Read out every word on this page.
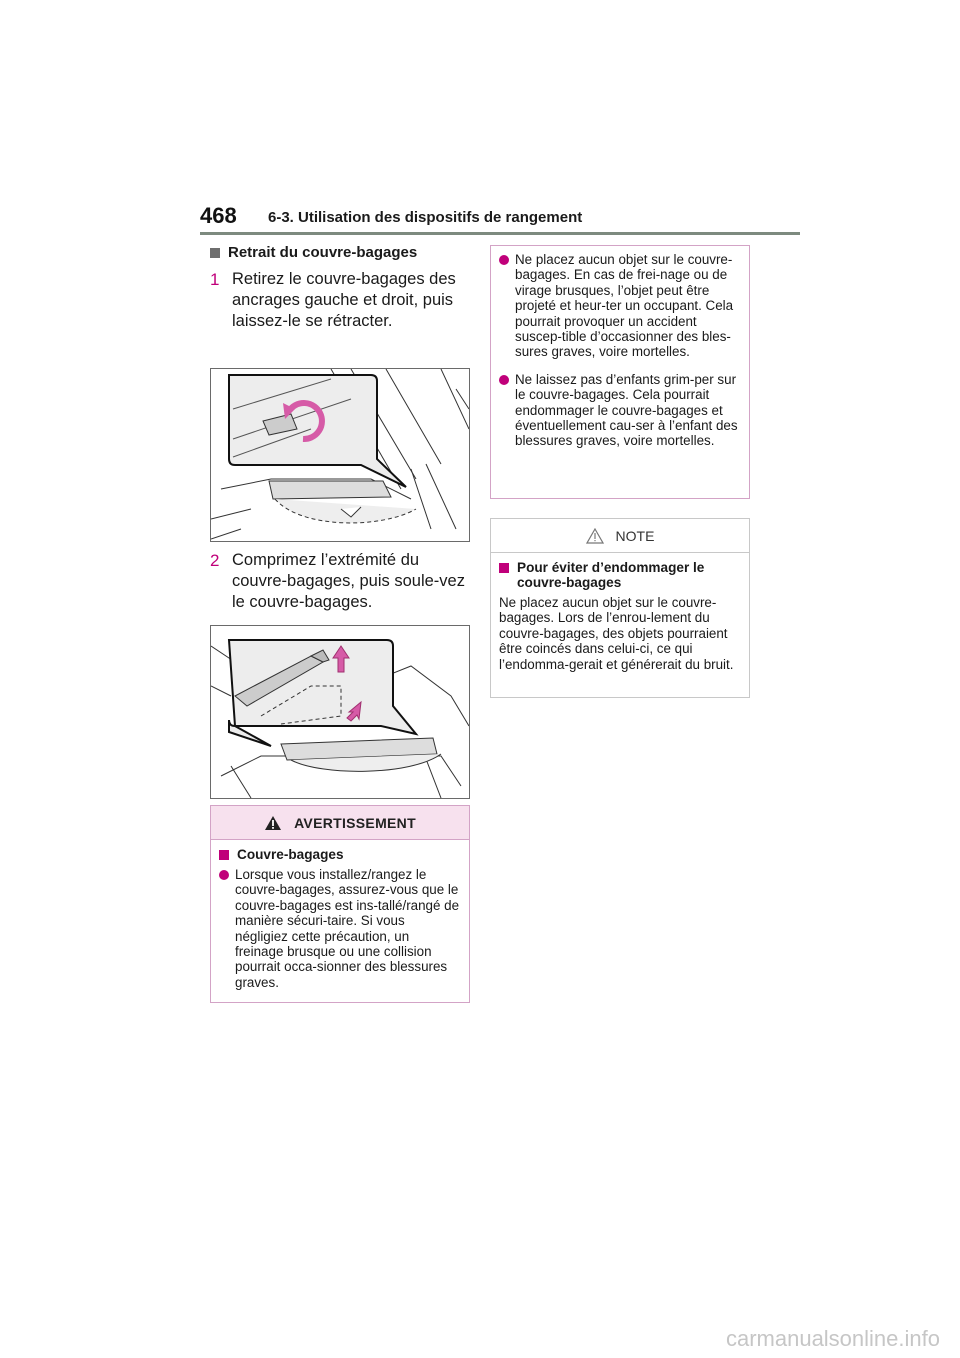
468 6-3. Utilisation des dispositifs de rangement
Retrait du couvre-bagages
1 Retirez le couvre-bagages des ancrages gauche et droit, puis laissez-le se rétracter.
2 Comprimez l’extrémité du couvre-bagages, puis soule-vez le couvre-bagages.
AVERTISSEMENT
Couvre-bagages
Lorsque vous installez/rangez le couvre-bagages, assurez-vous que le couvre-bagages est ins-tallé/rangé de manière sécuri-taire. Si vous négligiez cette précaution, un freinage brusque ou une collision pourrait occa-sionner des blessures graves.
Ne placez aucun objet sur le couvre-bagages. En cas de frei-nage ou de virage brusques, l’objet peut être projeté et heur-ter un occupant. Cela pourrait provoquer un accident suscep-tible d’occasionner des bles-sures graves, voire mortelles.
Ne laissez pas d’enfants grim-per sur le couvre-bagages. Cela pourrait endommager le couvre-bagages et éventuellement cau-ser à l’enfant des blessures graves, voire mortelles.
NOTE
Pour éviter d’endommager le couvre-bagages
Ne placez aucun objet sur le couvre-bagages. Lors de l’enrou-lement du couvre-bagages, des objets pourraient être coincés dans celui-ci, ce qui l’endomma-gerait et générerait du bruit.
carmanualsonline.info
